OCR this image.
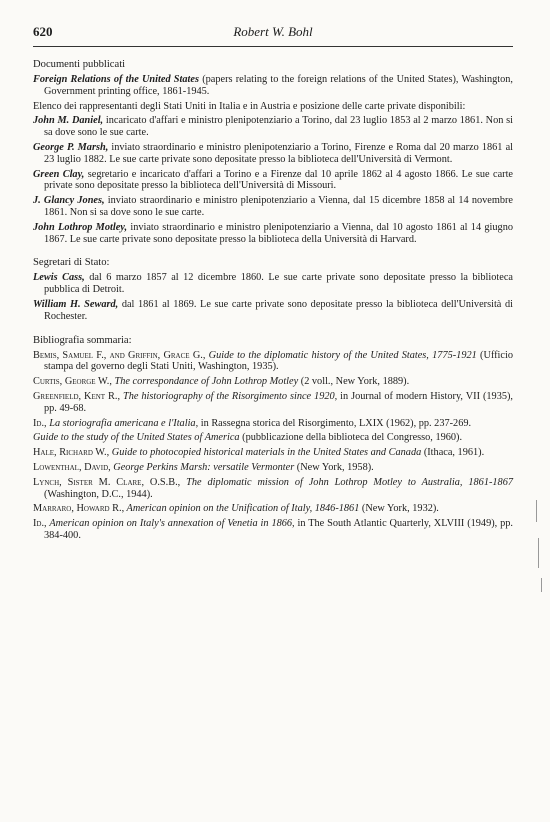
620	Robert W. Bohl
Documenti pubblicati

Foreign Relations of the United States (papers relating to the foreign relations of the United States), Washington, Government printing office, 1861-1945.

Elenco dei rappresentanti degli Stati Uniti in Italia e in Austria e posizione delle carte private disponibili:

John M. Daniel, incaricato d'affari e ministro plenipotenziario a Torino, dal 23 luglio 1853 al 2 marzo 1861. Non si sa dove sono le sue carte.

George P. Marsh, inviato straordinario e ministro plenipotenziario a Torino, Firenze e Roma dal 20 marzo 1861 al 23 luglio 1882. Le sue carte private sono depositate presso la biblioteca dell'Università di Vermont.

Green Clay, segretario e incaricato d'affari a Torino e a Firenze dal 10 aprile 1862 al 4 agosto 1866. Le sue carte private sono depositate presso la biblioteca dell'Università di Missouri.

J. Glancy Jones, inviato straordinario e ministro plenipotenziario a Vienna, dal 15 dicembre 1858 al 14 novembre 1861. Non si sa dove sono le sue carte.

John Lothrop Motley, inviato straordinario e ministro plenipotenziario a Vienna, dal 10 agosto 1861 al 14 giugno 1867. Le sue carte private sono depositate presso la biblioteca della Università di Harvard.

Segretari di Stato:

Lewis Cass, dal 6 marzo 1857 al 12 dicembre 1860. Le sue carte private sono depositate presso la biblioteca pubblica di Detroit.

William H. Seward, dal 1861 al 1869. Le sue carte private sono depositate presso la biblioteca dell'Università di Rochester.

Bibliografia sommaria:

Bemis, Samuel F., and Griffin, Grace G., Guide to the diplomatic history of the United States, 1775-1921 (Ufficio stampa del governo degli Stati Uniti, Washington, 1935).

Curtis, George W., The correspondance of John Lothrop Motley (2 voll., New York, 1889).

Greenfield, Kent R., The historiography of the Risorgimento since 1920, in Journal of modern History, VII (1935), pp. 49-68.

Id., La storiografia americana e l'Italia, in Rassegna storica del Risorgimento, LXIX (1962), pp. 237-269.

Guide to the study of the United States of America (pubblicazione della biblioteca del Congresso, 1960).

Hale, Richard W., Guide to photocopied historical materials in the United States and Canada (Ithaca, 1961).

Lowenthal, David, George Perkins Marsh: versatile Vermonter (New York, 1958).

Lynch, Sister M. Clare, O.S.B., The diplomatic mission of John Lothrop Motley to Australia, 1861-1867 (Washington, D.C., 1944).

Marraro, Howard R., American opinion on the Unification of Italy, 1846-1861 (New York, 1932).

Id., American opinion on Italy's annexation of Venetia in 1866, in The South Atlantic Quarterly, XLVIII (1949), pp. 384-400.
